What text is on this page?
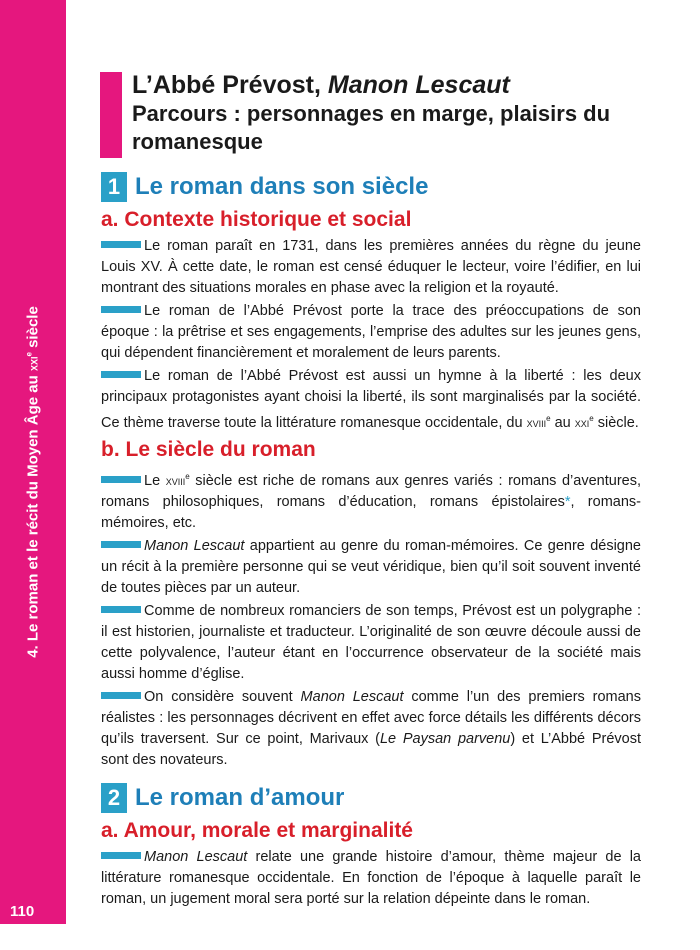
4. Le roman et le récit du Moyen Âge au xxi$^e$ siècle
110
L’Abbé Prévost, Manon Lescaut
Parcours : personnages en marge, plaisirs du romanesque
1 Le roman dans son siècle
a. Contexte historique et social

Le roman paraît en 1731, dans les premières années du règne du jeune Louis XV. À cette date, le roman est censé éduquer le lecteur, voire l’édifier, en lui montrant des situations morales en phase avec la religion et la royauté.

Le roman de l’Abbé Prévost porte la trace des préoccupations de son époque : la prêtrise et ses engagements, l’emprise des adultes sur les jeunes gens, qui dépendent financièrement et moralement de leurs parents.

Le roman de l’Abbé Prévost est aussi un hymne à la liberté : les deux principaux protagonistes ayant choisi la liberté, ils sont marginalisés par la société. Ce thème traverse toute la littérature romanesque occidentale, du xviii$^e$ au xxi$^e$ siècle.

b. Le siècle du roman

Le xviii$^e$ siècle est riche de romans aux genres variés : romans d’aventures, romans philosophiques, romans d’éducation, romans épistolaires*, romans-mémoires, etc.

Manon Lescaut appartient au genre du roman-mémoires. Ce genre désigne un récit à la première personne qui se veut véridique, bien qu’il soit souvent inventé de toutes pièces par un auteur.

Comme de nombreux romanciers de son temps, Prévost est un polygraphe : il est historien, journaliste et traducteur. L’originalité de son œuvre découle aussi de cette polyvalence, l’auteur étant en l’occurrence observateur de la société mais aussi homme d’église.

On considère souvent Manon Lescaut comme l’un des premiers romans réalistes : les personnages décrivent en effet avec force détails les différents décors qu’ils traversent. Sur ce point, Marivaux (Le Paysan parvenu) et L’Abbé Prévost sont des novateurs.

2 Le roman d’amour
a. Amour, morale et marginalité

Manon Lescaut relate une grande histoire d’amour, thème majeur de la littérature romanesque occidentale. En fonction de l’époque à laquelle paraît le roman, un jugement moral sera porté sur la relation dépeinte dans le roman.
